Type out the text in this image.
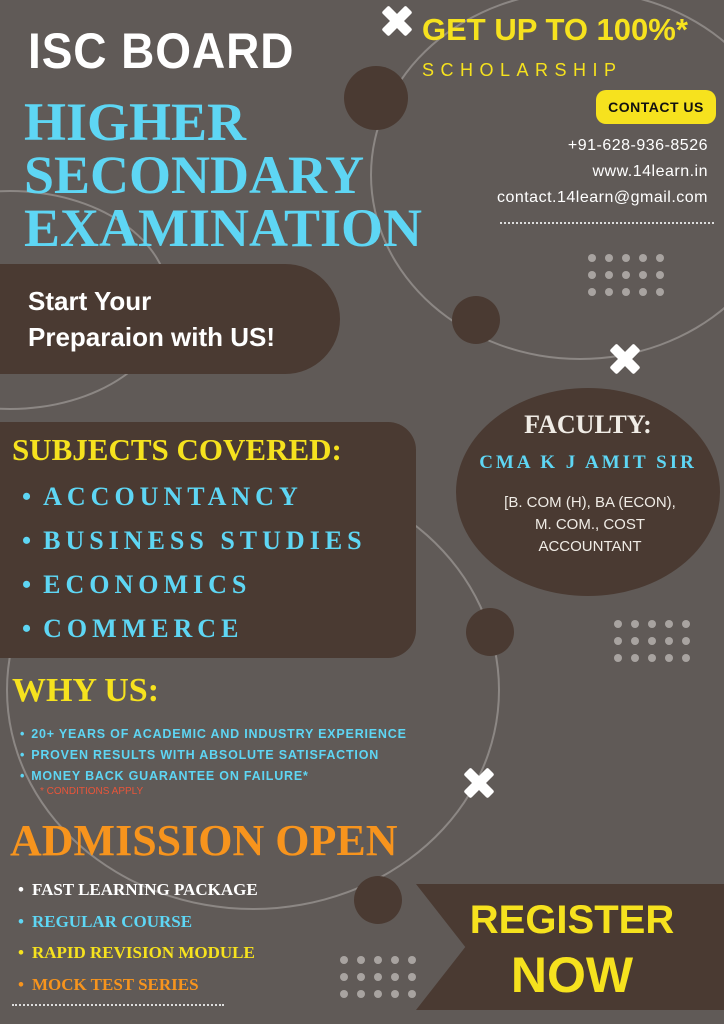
ISC BOARD
HIGHER
SECONDARY
EXAMINATION
GET UP TO 100%*
SCHOLARSHIP
CONTACT US
+91-628-936-8526
www.14learn.in
contact.14learn@gmail.com
Start Your
Preparaion with US!
FACULTY:
CMA K J AMIT SIR
[B. COM (H), BA (ECON),
M. COM., COST
ACCOUNTANT
SUBJECTS COVERED:
• ACCOUNTANCY
• BUSINESS STUDIES
• ECONOMICS
• COMMERCE
WHY US:
• 20+ YEARS OF ACADEMIC AND INDUSTRY EXPERIENCE
• PROVEN RESULTS WITH ABSOLUTE SATISFACTION
• MONEY BACK GUARANTEE ON FAILURE*
* CONDITIONS APPLY
ADMISSION OPEN
• FAST LEARNING PACKAGE
• REGULAR COURSE
• RAPID REVISION MODULE
• MOCK TEST SERIES
REGISTER
NOW
